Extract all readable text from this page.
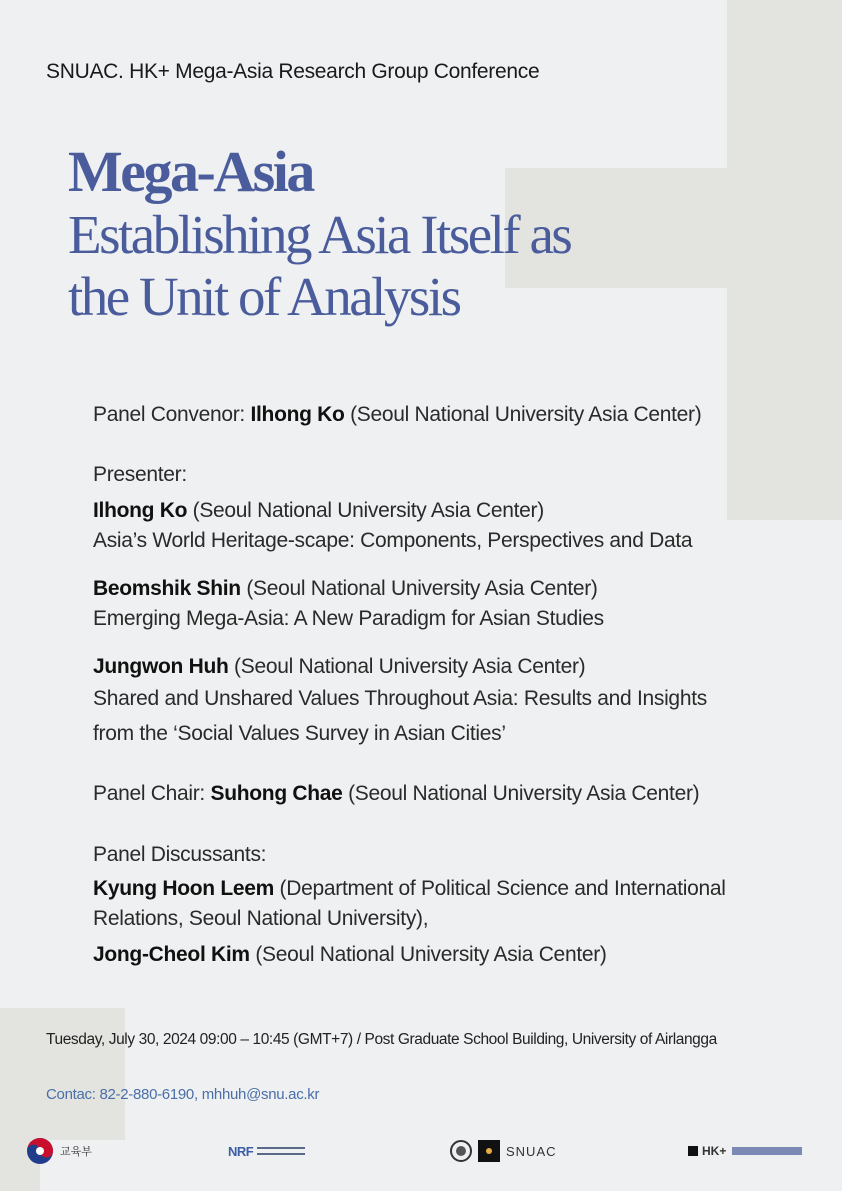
SNUAC. HK+ Mega-Asia Research Group Conference
Mega-Asia
Establishing Asia Itself as
the Unit of Analysis
Panel Convenor: Ilhong Ko (Seoul National University Asia Center)
Presenter:
Ilhong Ko (Seoul National University Asia Center)
Asia’s World Heritage-scape: Components, Perspectives and Data
Beomshik Shin (Seoul National University Asia Center)
Emerging Mega-Asia: A New Paradigm for Asian Studies
Jungwon Huh (Seoul National University Asia Center)
Shared and Unshared Values Throughout Asia: Results and Insights
from the ‘Social Values Survey in Asian Cities’
Panel Chair: Suhong Chae (Seoul National University Asia Center)
Panel Discussants:
Kyung Hoon Leem (Department of Political Science and International
Relations, Seoul National University),
Jong-Cheol Kim (Seoul National University Asia Center)
Tuesday, July 30, 2024 09:00 – 10:45 (GMT+7) / Post Graduate School Building, University of Airlangga
Contac: 82-2-880-6190, mhhuh@snu.ac.kr
교육부	NRF	SNUAC	HK+
